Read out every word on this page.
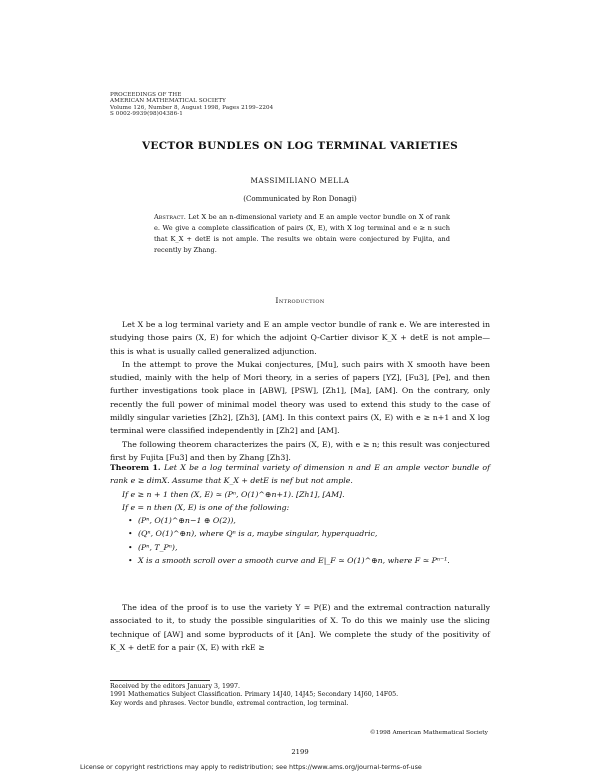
PROCEEDINGS OF THE
AMERICAN MATHEMATICAL SOCIETY
Volume 126, Number 8, August 1998, Pages 2199–2204
S 0002-9939(98)04386-1
VECTOR BUNDLES ON LOG TERMINAL VARIETIES
MASSIMILIANO MELLA
(Communicated by Ron Donagi)
Abstract. Let X be an n-dimensional variety and E an ample vector bundle on X of rank e. We give a complete classification of pairs (X, E), with X log terminal and e ≥ n such that K_X + detE is not ample. The results we obtain were conjectured by Fujita, and recently by Zhang.
Introduction

Let X be a log terminal variety and E an ample vector bundle of rank e. We are interested in studying those pairs (X, E) for which the adjoint Q-Cartier divisor K_X + detE is not ample—this is what is usually called generalized adjunction.

In the attempt to prove the Mukai conjectures, [Mu], such pairs with X smooth have been studied, mainly with the help of Mori theory, in a series of papers [YZ], [Fu3], [Pe], and then further investigations took place in [ABW], [PSW], [Zh1], [Ma], [AM]. On the contrary, only recently the full power of minimal model theory was used to extend this study to the case of mildly singular varieties [Zh2], [Zh3], [AM]. In this context pairs (X, E) with e ≥ n+1 and X log terminal were classified independently in [Zh2] and [AM].

The following theorem characterizes the pairs (X, E), with e ≥ n; this result was conjectured first by Fujita [Fu3] and then by Zhang [Zh3].

Theorem 1. Let X be a log terminal variety of dimension n and E an ample vector bundle of rank e ≥ dimX. Assume that K_X + detE is nef but not ample.

If e ≥ n + 1 then (X, E) ≃ (Pⁿ, O(1)^⊕n+1). [Zh1], [AM].

If e = n then (X, E) is one of the following:

• (Pⁿ, O(1)^⊕n−1 ⊕ O(2)),

• (Qⁿ, O(1)^⊕n), where Qⁿ is a, maybe singular, hyperquadric,

• (Pⁿ, T_Pⁿ),

• X is a smooth scroll over a smooth curve and E|_F ≃ O(1)^⊕n, where F ≃ Pⁿ⁻¹.

The idea of the proof is to use the variety Y = P(E) and the extremal contraction naturally associated to it, to study the possible singularities of X. To do this we mainly use the slicing technique of [AW] and some byproducts of it [An]. We complete the study of the positivity of K_X + detE for a pair (X, E) with rkE ≥

Received by the editors January 3, 1997.

1991 Mathematics Subject Classification. Primary 14J40, 14J45; Secondary 14J60, 14F05.

Key words and phrases. Vector bundle, extremal contraction, log terminal.

©1998 American Mathematical Society
2199
License or copyright restrictions may apply to redistribution; see https://www.ams.org/journal-terms-of-use
